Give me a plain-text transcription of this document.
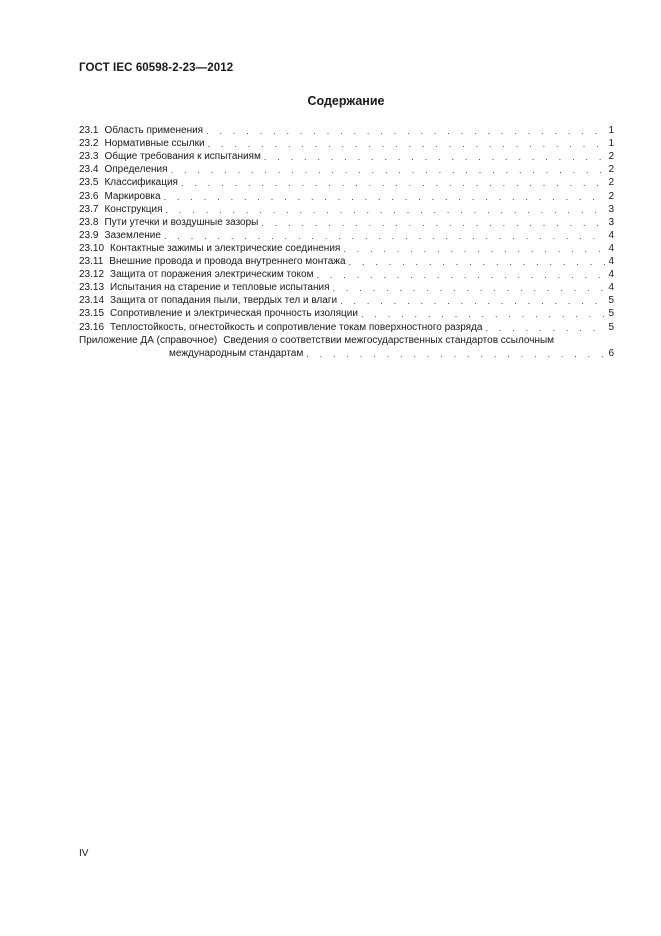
ГОСТ IEC 60598-2-23—2012
Содержание
23.1 Область применения . . .	1
23.2 Нормативные ссылки . . .	1
23.3 Общие требования к испытаниям . . .	2
23.4 Определения . . .	2
23.5 Классификация . . .	2
23.6 Маркировка . . .	2
23.7 Конструкция . . .	3
23.8 Пути утечки и воздушные зазоры . . .	3
23.9 Заземление . . .	4
23.10 Контактные зажимы и электрические соединения . . .	4
23.11 Внешние провода и провода внутреннего монтажа . . .	4
23.12 Защита от поражения электрическим током . . .	4
23.13 Испытания на старение и тепловые испытания . . .	4
23.14 Защита от попадания пыли, твердых тел и влаги . . .	5
23.15 Сопротивление и электрическая прочность изоляции . . .	5
23.16 Теплостойкость, огнестойкость и сопротивление токам поверхностного разряда . . .	5
Приложение ДА (справочное) Сведения о соответствии межгосударственных стандартов ссылочным
международным стандартам . . .	6
IV
